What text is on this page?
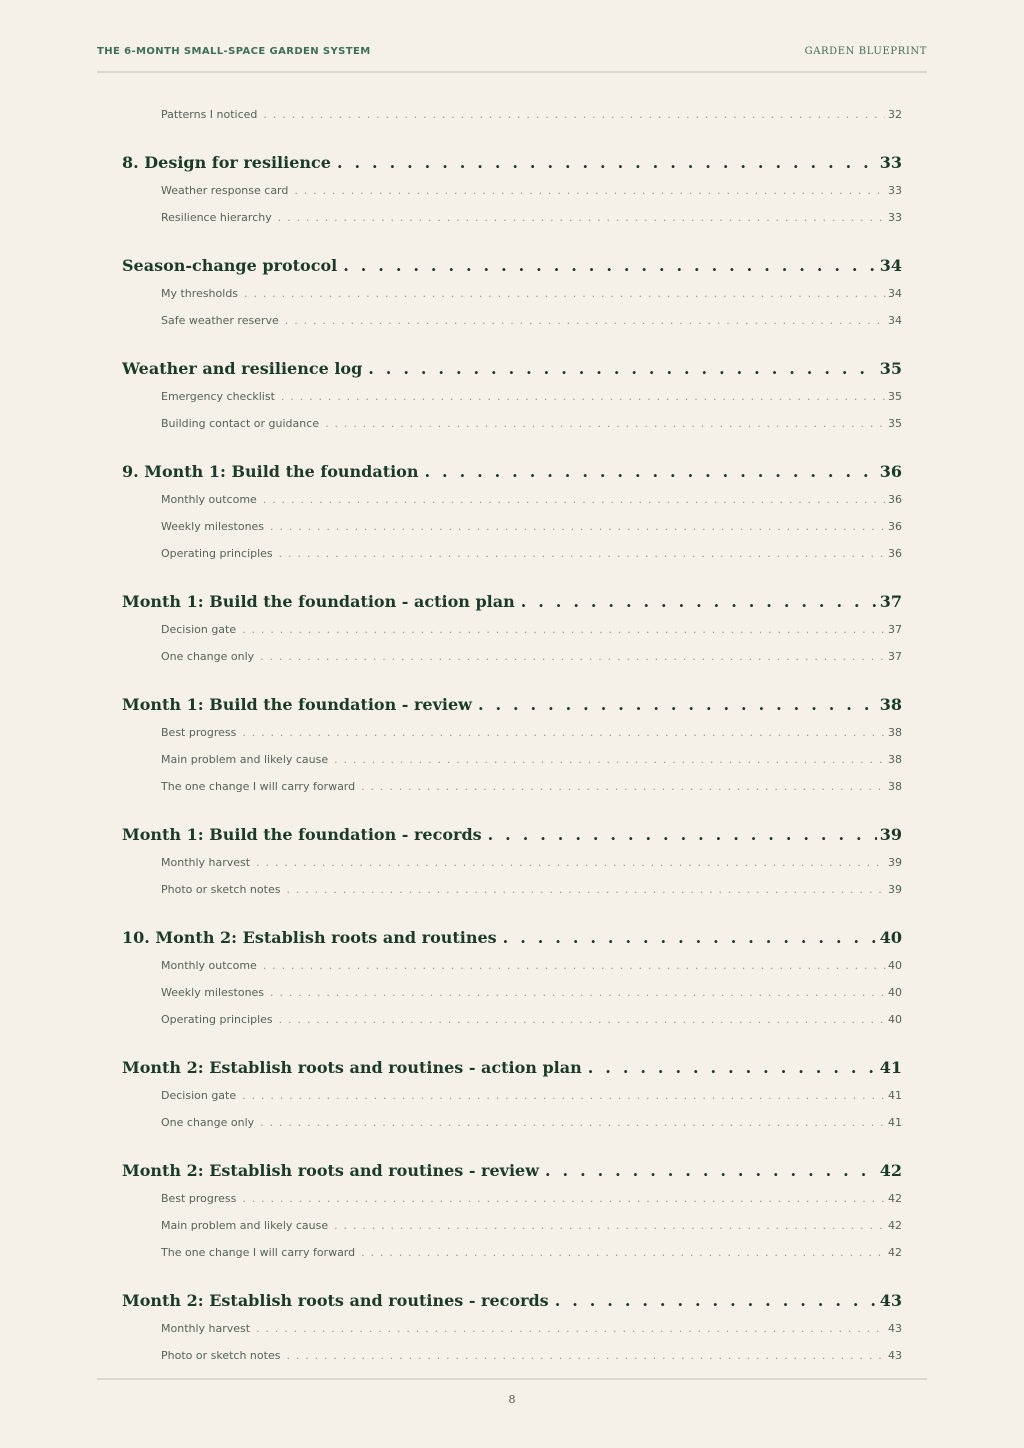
THE 6-MONTH SMALL-SPACE GARDEN SYSTEM	GARDEN BLUEPRINT
Patterns I noticed . . .	32
8. Design for resilience . . .	33
Weather response card . . .	33
Resilience hierarchy . . .	33
Season-change protocol . . .	34
My thresholds . . .	34
Safe weather reserve . . .	34
Weather and resilience log . . .	35
Emergency checklist . . .	35
Building contact or guidance . . .	35
9. Month 1: Build the foundation . . .	36
Monthly outcome . . .	36
Weekly milestones . . .	36
Operating principles . . .	36
Month 1: Build the foundation - action plan . . .	37
Decision gate . . .	37
One change only . . .	37
Month 1: Build the foundation - review . . .	38
Best progress . . .	38
Main problem and likely cause . . .	38
The one change I will carry forward . . .	38
Month 1: Build the foundation - records . . .	39
Monthly harvest . . .	39
Photo or sketch notes . . .	39
10. Month 2: Establish roots and routines . . .	40
Monthly outcome . . .	40
Weekly milestones . . .	40
Operating principles . . .	40
Month 2: Establish roots and routines - action plan . . .	41
Decision gate . . .	41
One change only . . .	41
Month 2: Establish roots and routines - review . . .	42
Best progress . . .	42
Main problem and likely cause . . .	42
The one change I will carry forward . . .	42
Month 2: Establish roots and routines - records . . .	43
Monthly harvest . . .	43
Photo or sketch notes . . .	43
8
